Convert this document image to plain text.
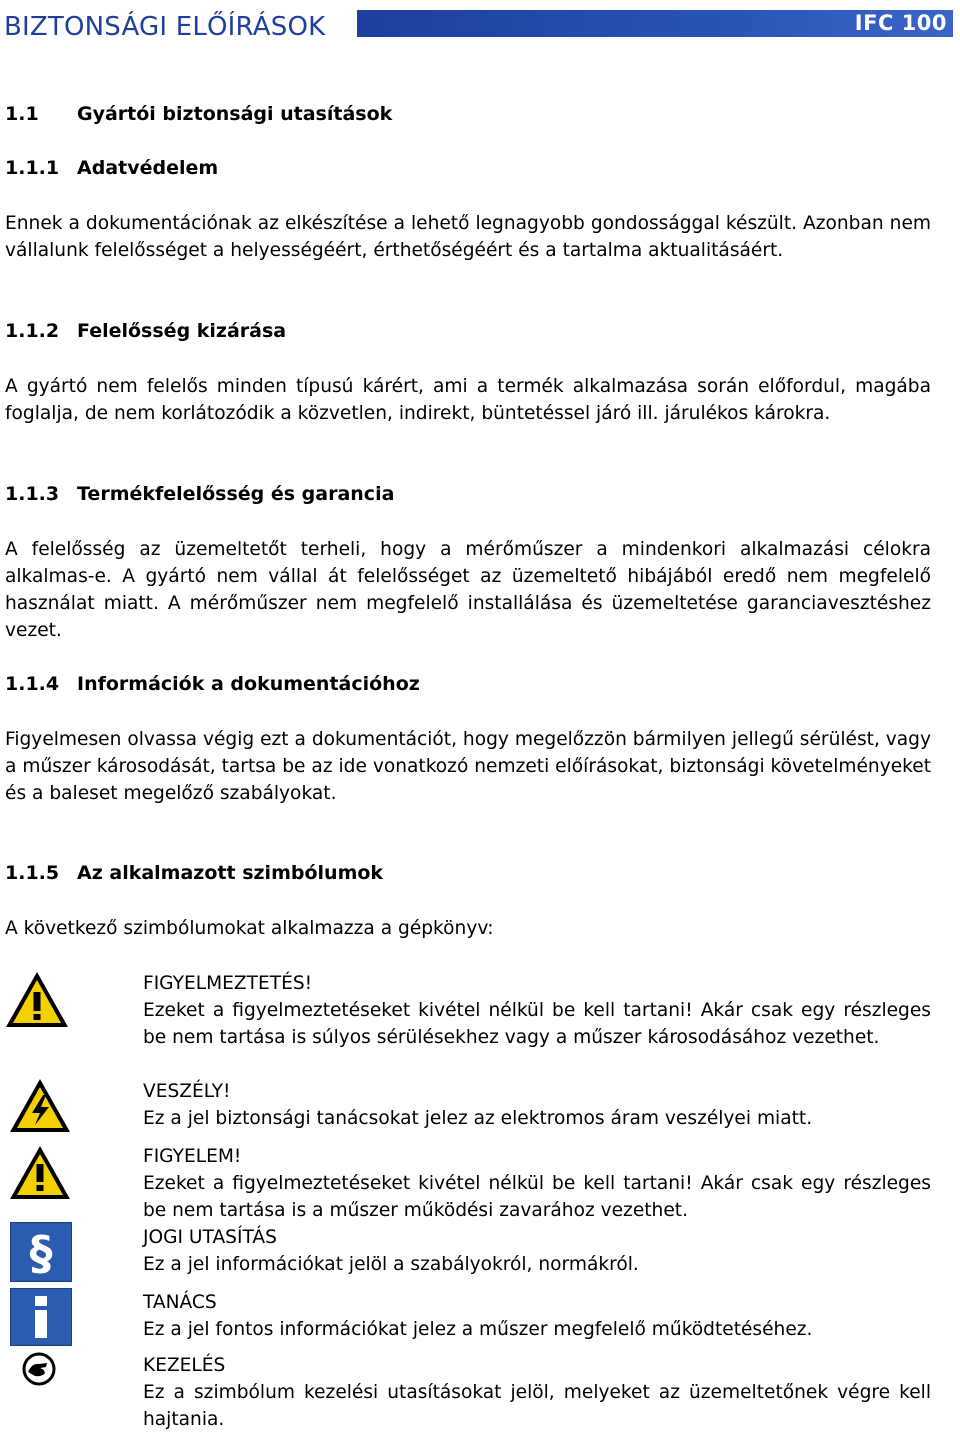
BIZTONSÁGI ELŐÍRÁSOK	IFC 100
1.1 Gyártói biztonsági utasítások
1.1.1 Adatvédelem
Ennek a dokumentációnak az elkészítése a lehető legnagyobb gondossággal készült. Azonban nem vállalunk felelősséget a helyességéért, érthetőségéért és a tartalma aktualitásáért.
1.1.2 Felelősség kizárása
A gyártó nem felelős minden típusú kárért, ami a termék alkalmazása során előfordul, magába foglalja, de nem korlátozódik a közvetlen, indirekt, büntetéssel járó ill. járulékos károkra.
1.1.3 Termékfelelősség és garancia
A felelősség az üzemeltetőt terheli, hogy a mérőműszer a mindenkori alkalmazási célokra alkalmas-e. A gyártó nem vállal át felelősséget az üzemeltető hibájából eredő nem megfelelő használat miatt. A mérőműszer nem megfelelő installálása és üzemeltetése garanciavesztéshez vezet.
1.1.4 Információk a dokumentációhoz
Figyelmesen olvassa végig ezt a dokumentációt, hogy megelőzzön bármilyen jellegű sérülést, vagy a műszer károsodását, tartsa be az ide vonatkozó nemzeti előírásokat, biztonsági követelményeket és a baleset megelőző szabályokat.
1.1.5 Az alkalmazott szimbólumok
A következő szimbólumokat alkalmazza a gépkönyv:
FIGYELMEZTETÉS!
Ezeket a figyelmeztetéseket kivétel nélkül be kell tartani! Akár csak egy részleges be nem tartása is súlyos sérülésekhez vagy a műszer károsodásához vezethet.
VESZÉLY!
Ez a jel biztonsági tanácsokat jelez az elektromos áram veszélyei miatt.
FIGYELEM!
Ezeket a figyelmeztetéseket kivétel nélkül be kell tartani! Akár csak egy részleges be nem tartása is a műszer működési zavarához vezethet.
§	JOGI UTASÍTÁS
Ez a jel információkat jelöl a szabályokról, normákról.
TANÁCS
Ez a jel fontos információkat jelez a műszer megfelelő működtetéséhez.
KEZELÉS
Ez a szimbólum kezelési utasításokat jelöl, melyeket az üzemeltetőnek végre kell hajtania.
